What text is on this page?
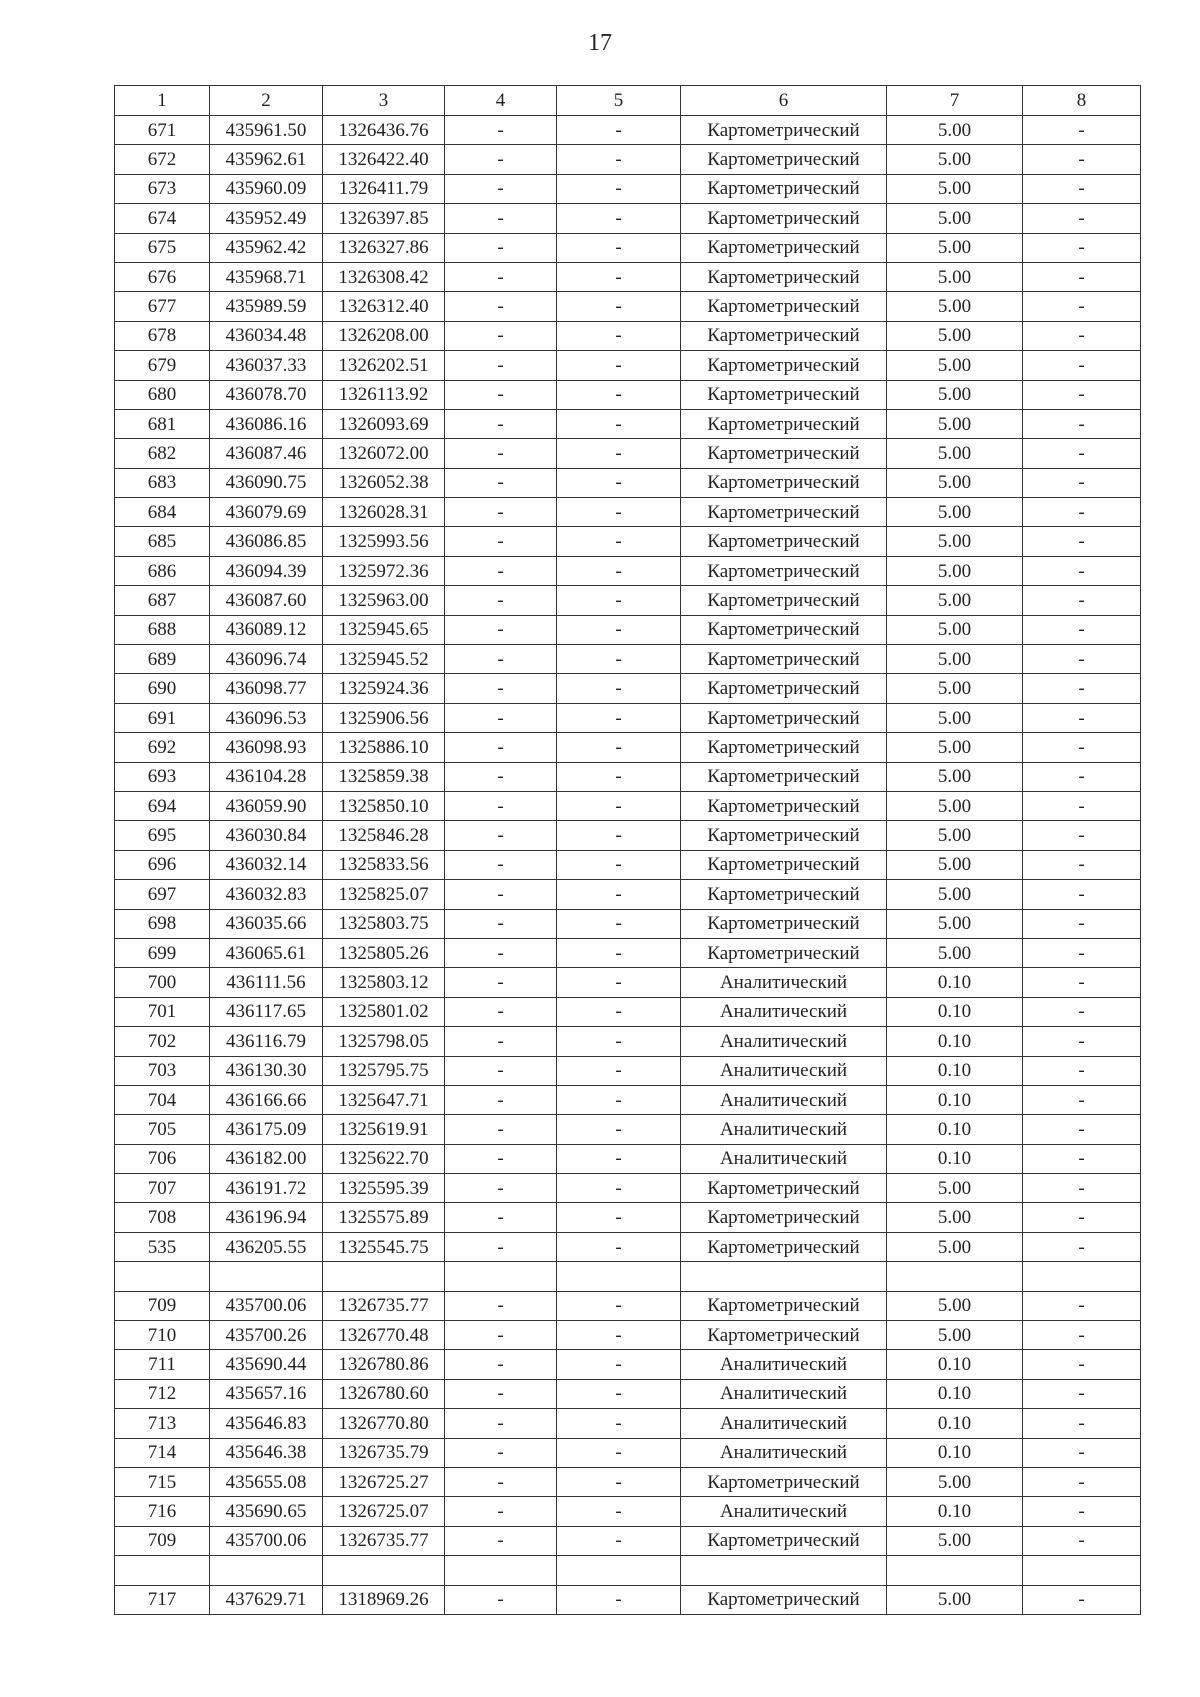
17
1	2	3	4	5	6	7	8
671	435961.50	1326436.76	-	-	Картометрический	5.00	-
672	435962.61	1326422.40	-	-	Картометрический	5.00	-
673	435960.09	1326411.79	-	-	Картометрический	5.00	-
674	435952.49	1326397.85	-	-	Картометрический	5.00	-
675	435962.42	1326327.86	-	-	Картометрический	5.00	-
676	435968.71	1326308.42	-	-	Картометрический	5.00	-
677	435989.59	1326312.40	-	-	Картометрический	5.00	-
678	436034.48	1326208.00	-	-	Картометрический	5.00	-
679	436037.33	1326202.51	-	-	Картометрический	5.00	-
680	436078.70	1326113.92	-	-	Картометрический	5.00	-
681	436086.16	1326093.69	-	-	Картометрический	5.00	-
682	436087.46	1326072.00	-	-	Картометрический	5.00	-
683	436090.75	1326052.38	-	-	Картометрический	5.00	-
684	436079.69	1326028.31	-	-	Картометрический	5.00	-
685	436086.85	1325993.56	-	-	Картометрический	5.00	-
686	436094.39	1325972.36	-	-	Картометрический	5.00	-
687	436087.60	1325963.00	-	-	Картометрический	5.00	-
688	436089.12	1325945.65	-	-	Картометрический	5.00	-
689	436096.74	1325945.52	-	-	Картометрический	5.00	-
690	436098.77	1325924.36	-	-	Картометрический	5.00	-
691	436096.53	1325906.56	-	-	Картометрический	5.00	-
692	436098.93	1325886.10	-	-	Картометрический	5.00	-
693	436104.28	1325859.38	-	-	Картометрический	5.00	-
694	436059.90	1325850.10	-	-	Картометрический	5.00	-
695	436030.84	1325846.28	-	-	Картометрический	5.00	-
696	436032.14	1325833.56	-	-	Картометрический	5.00	-
697	436032.83	1325825.07	-	-	Картометрический	5.00	-
698	436035.66	1325803.75	-	-	Картометрический	5.00	-
699	436065.61	1325805.26	-	-	Картометрический	5.00	-
700	436111.56	1325803.12	-	-	Аналитический	0.10	-
701	436117.65	1325801.02	-	-	Аналитический	0.10	-
702	436116.79	1325798.05	-	-	Аналитический	0.10	-
703	436130.30	1325795.75	-	-	Аналитический	0.10	-
704	436166.66	1325647.71	-	-	Аналитический	0.10	-
705	436175.09	1325619.91	-	-	Аналитический	0.10	-
706	436182.00	1325622.70	-	-	Аналитический	0.10	-
707	436191.72	1325595.39	-	-	Картометрический	5.00	-
708	436196.94	1325575.89	-	-	Картометрический	5.00	-
535	436205.55	1325545.75	-	-	Картометрический	5.00	-

709	435700.06	1326735.77	-	-	Картометрический	5.00	-
710	435700.26	1326770.48	-	-	Картометрический	5.00	-
711	435690.44	1326780.86	-	-	Аналитический	0.10	-
712	435657.16	1326780.60	-	-	Аналитический	0.10	-
713	435646.83	1326770.80	-	-	Аналитический	0.10	-
714	435646.38	1326735.79	-	-	Аналитический	0.10	-
715	435655.08	1326725.27	-	-	Картометрический	5.00	-
716	435690.65	1326725.07	-	-	Аналитический	0.10	-
709	435700.06	1326735.77	-	-	Картометрический	5.00	-

717	437629.71	1318969.26	-	-	Картометрический	5.00	-
